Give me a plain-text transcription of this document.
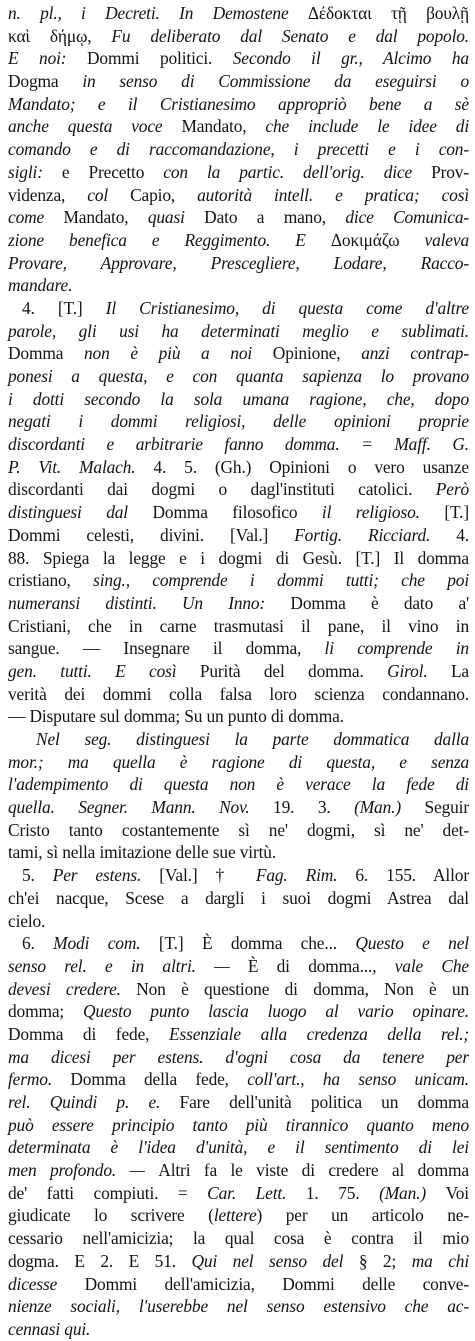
n. pl., i Decreti. In Demostene Δέδοκται τῇ βουλῇ
καὶ δήμῳ, Fu deliberato dal Senato e dal popolo.
E noi: Dommi politici. Secondo il gr., Alcimo ha
Dogma in senso di Commissione da eseguirsi o
Mandato; e il Cristianesimo appropriò bene a sè
anche questa voce Mandato, che include le idee di
comando e di raccomandazione, i precetti e i con-
sigli: e Precetto con la partic. dell'orig. dice Prov-
videnza, col Capio, autorità intell. e pratica; così
come Mandato, quasi Dato a mano, dice Comunica-
zione benefica e Reggimento. E Δοκιμάζω valeva
Provare, Approvare, Prescegliere, Lodare, Racco-
mandare.
4. [T.] Il Cristianesimo, di questa come d'altre
parole, gli usi ha determinati meglio e sublimati.
Domma non è più a noi Opinione, anzi contrap-
ponesi a questa, e con quanta sapienza lo provano
i dotti secondo la sola umana ragione, che, dopo
negati i dommi religiosi, delle opinioni proprie
discordanti e arbitrarie fanno domma. = Maff. G.
P. Vit. Malach. 4. 5. (Gh.) Opinioni o vero usanze
discordanti dai dogmi o dagl'instituti catolici. Però
distinguesi dal Domma filosofico il religioso. [T.]
Dommi celesti, divini. [Val.] Fortig. Ricciard. 4.
88. Spiega la legge e i dogmi di Gesù. [T.] Il domma
cristiano, sing., comprende i dommi tutti; che poi
numeransi distinti. Un Inno: Domma è dato a'
Cristiani, che in carne trasmutasi il pane, il vino in
sangue. — Insegnare il domma, li comprende in
gen. tutti. E così Purità del domma. Girol. La
verità dei dommi colla falsa loro scienza condannano.
— Disputare sul domma; Su un punto di domma.
Nel seg. distinguesi la parte dommatica dalla
mor.; ma quella è ragione di questa, e senza
l'adempimento di questa non è verace la fede di
quella. Segner. Mann. Nov. 19. 3. (Man.) Seguir
Cristo tanto costantemente sì ne' dogmi, sì ne' det-
tami, sì nella imitazione delle sue virtù.
5. Per estens. [Val.] † Fag. Rim. 6. 155. Allor
ch'ei nacque, Scese a dargli i suoi dogmi Astrea dal
cielo.
6. Modi com. [T.] È domma che... Questo e nel
senso rel. e in altri. — È di domma..., vale Che
devesi credere. Non è questione di domma, Non è un
domma; Questo punto lascia luogo al vario opinare.
Domma di fede, Essenziale alla credenza della rel.;
ma dicesi per estens. d'ogni cosa da tenere per
fermo. Domma della fede, coll'art., ha senso unicam.
rel. Quindi p. e. Fare dell'unità politica un domma
può essere principio tanto più tirannico quanto meno
determinata è l'idea d'unità, e il sentimento di lei
men profondo. — Altri fa le viste di credere al domma
de' fatti compiuti. = Car. Lett. 1. 75. (Man.) Voi
giudicate lo scrivere (lettere) per un articolo ne-
cessario nell'amicizia; la qual cosa è contra il mio
dogma. E 2. E 51. Qui nel senso del § 2; ma chi
dicesse Dommi dell'amicizia, Dommi delle conve-
nienze sociali, l'userebbe nel senso estensivo che ac-
cennasi qui.
